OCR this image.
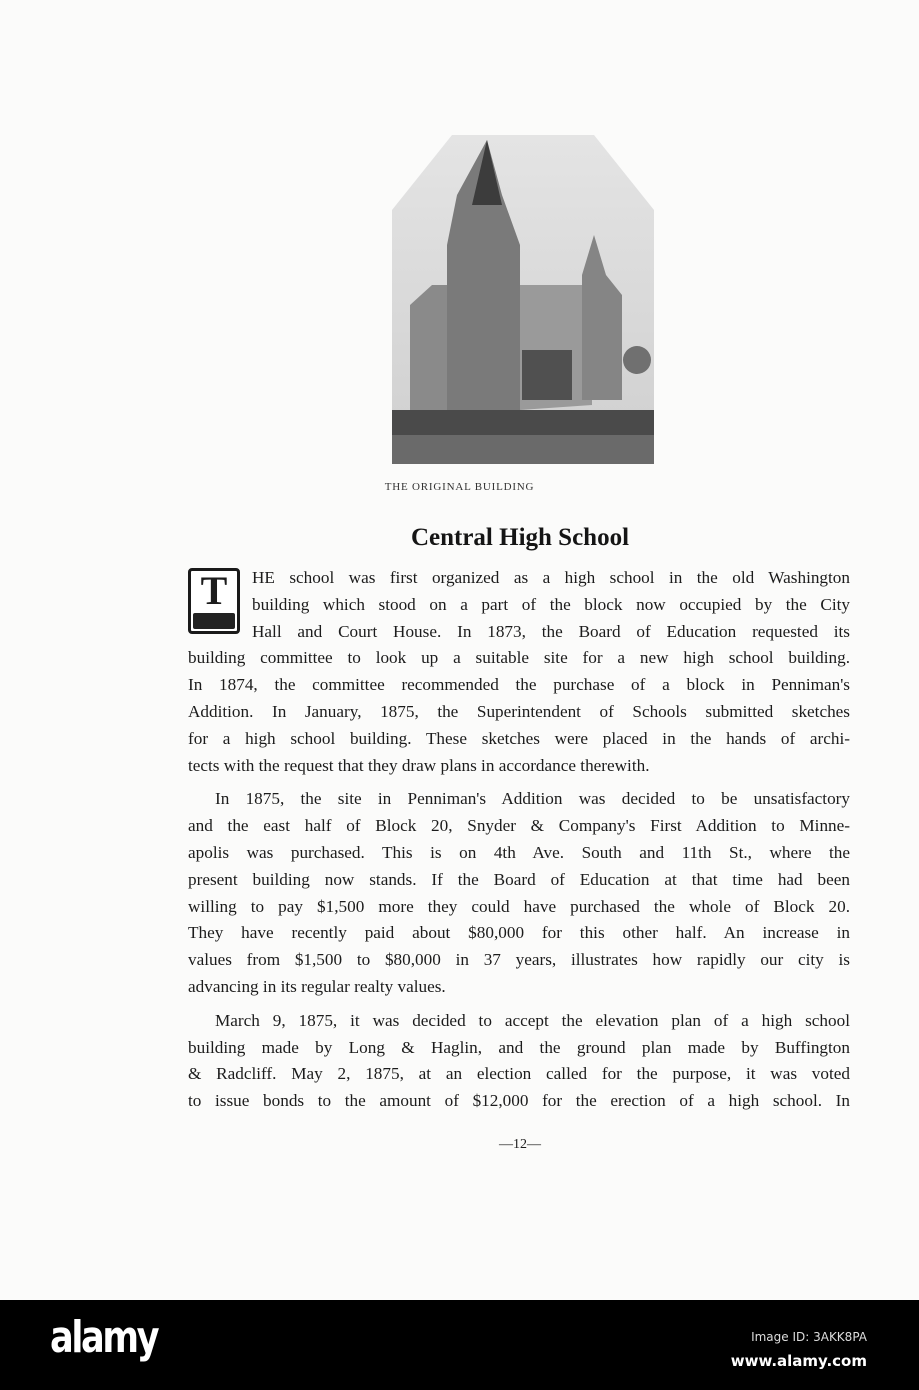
THE ORIGINAL BUILDING
Central High School
T	HE school was first organized as a high school in the old Washington
building which stood on a part of the block now occupied by the City
Hall and Court House. In 1873, the Board of Education requested its
building committee to look up a suitable site for a new high school building.
In 1874, the committee recommended the purchase of a block in Penniman's
Addition. In January, 1875, the Superintendent of Schools submitted sketches
for a high school building. These sketches were placed in the hands of archi-
tects with the request that they draw plans in accordance therewith.
In 1875, the site in Penniman's Addition was decided to be unsatisfactory
and the east half of Block 20, Snyder & Company's First Addition to Minne-
apolis was purchased. This is on 4th Ave. South and 11th St., where the
present building now stands. If the Board of Education at that time had been
willing to pay $1,500 more they could have purchased the whole of Block 20.
They have recently paid about $80,000 for this other half. An increase in
values from $1,500 to $80,000 in 37 years, illustrates how rapidly our city is
advancing in its regular realty values.
March 9, 1875, it was decided to accept the elevation plan of a high school
building made by Long & Haglin, and the ground plan made by Buffington
& Radcliff. May 2, 1875, at an election called for the purpose, it was voted
to issue bonds to the amount of $12,000 for the erection of a high school. In
—12—
alamy	Image ID: 3AKK8PA
www.alamy.com
